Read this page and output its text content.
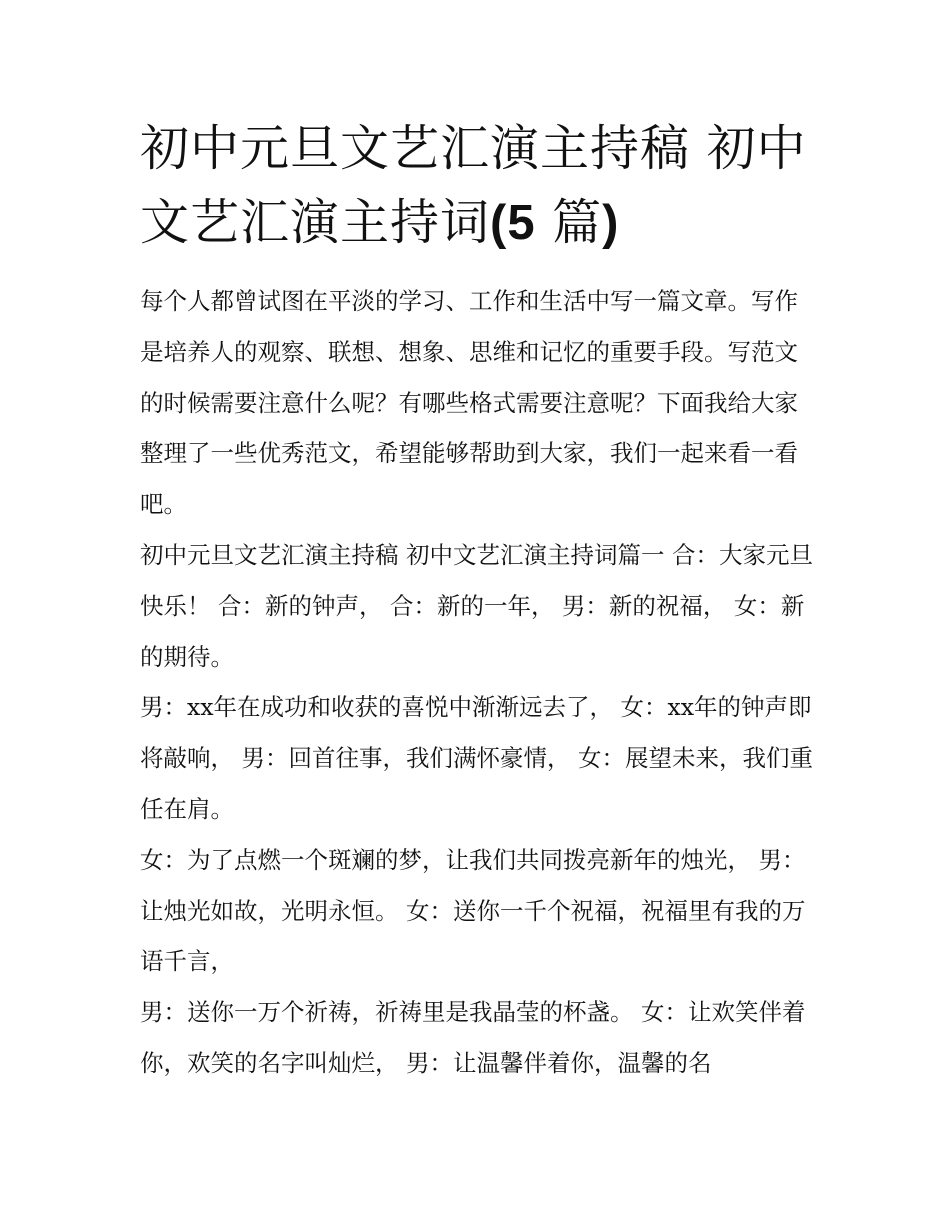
初中元旦文艺汇演主持稿 初中文艺汇演主持词(5 篇)

每个人都曾试图在平淡的学习、工作和生活中写一篇文章。写作是培养人的观察、联想、想象、思维和记忆的重要手段。写范文的时候需要注意什么呢？有哪些格式需要注意呢？下面我给大家整理了一些优秀范文，希望能够帮助到大家，我们一起来看一看吧。

初中元旦文艺汇演主持稿 初中文艺汇演主持词篇一 合：大家元旦快乐！ 合：新的钟声， 合：新的一年， 男：新的祝福， 女：新的期待。

男：xx年在成功和收获的喜悦中渐渐远去了， 女：xx年的钟声即将敲响， 男：回首往事，我们满怀豪情， 女：展望未来，我们重任在肩。

女：为了点燃一个斑斓的梦，让我们共同拨亮新年的烛光， 男：让烛光如故，光明永恒。 女：送你一千个祝福，祝福里有我的万语千言，

男：送你一万个祈祷，祈祷里是我晶莹的杯盏。 女：让欢笑伴着你，欢笑的名字叫灿烂， 男：让温馨伴着你，温馨的名
